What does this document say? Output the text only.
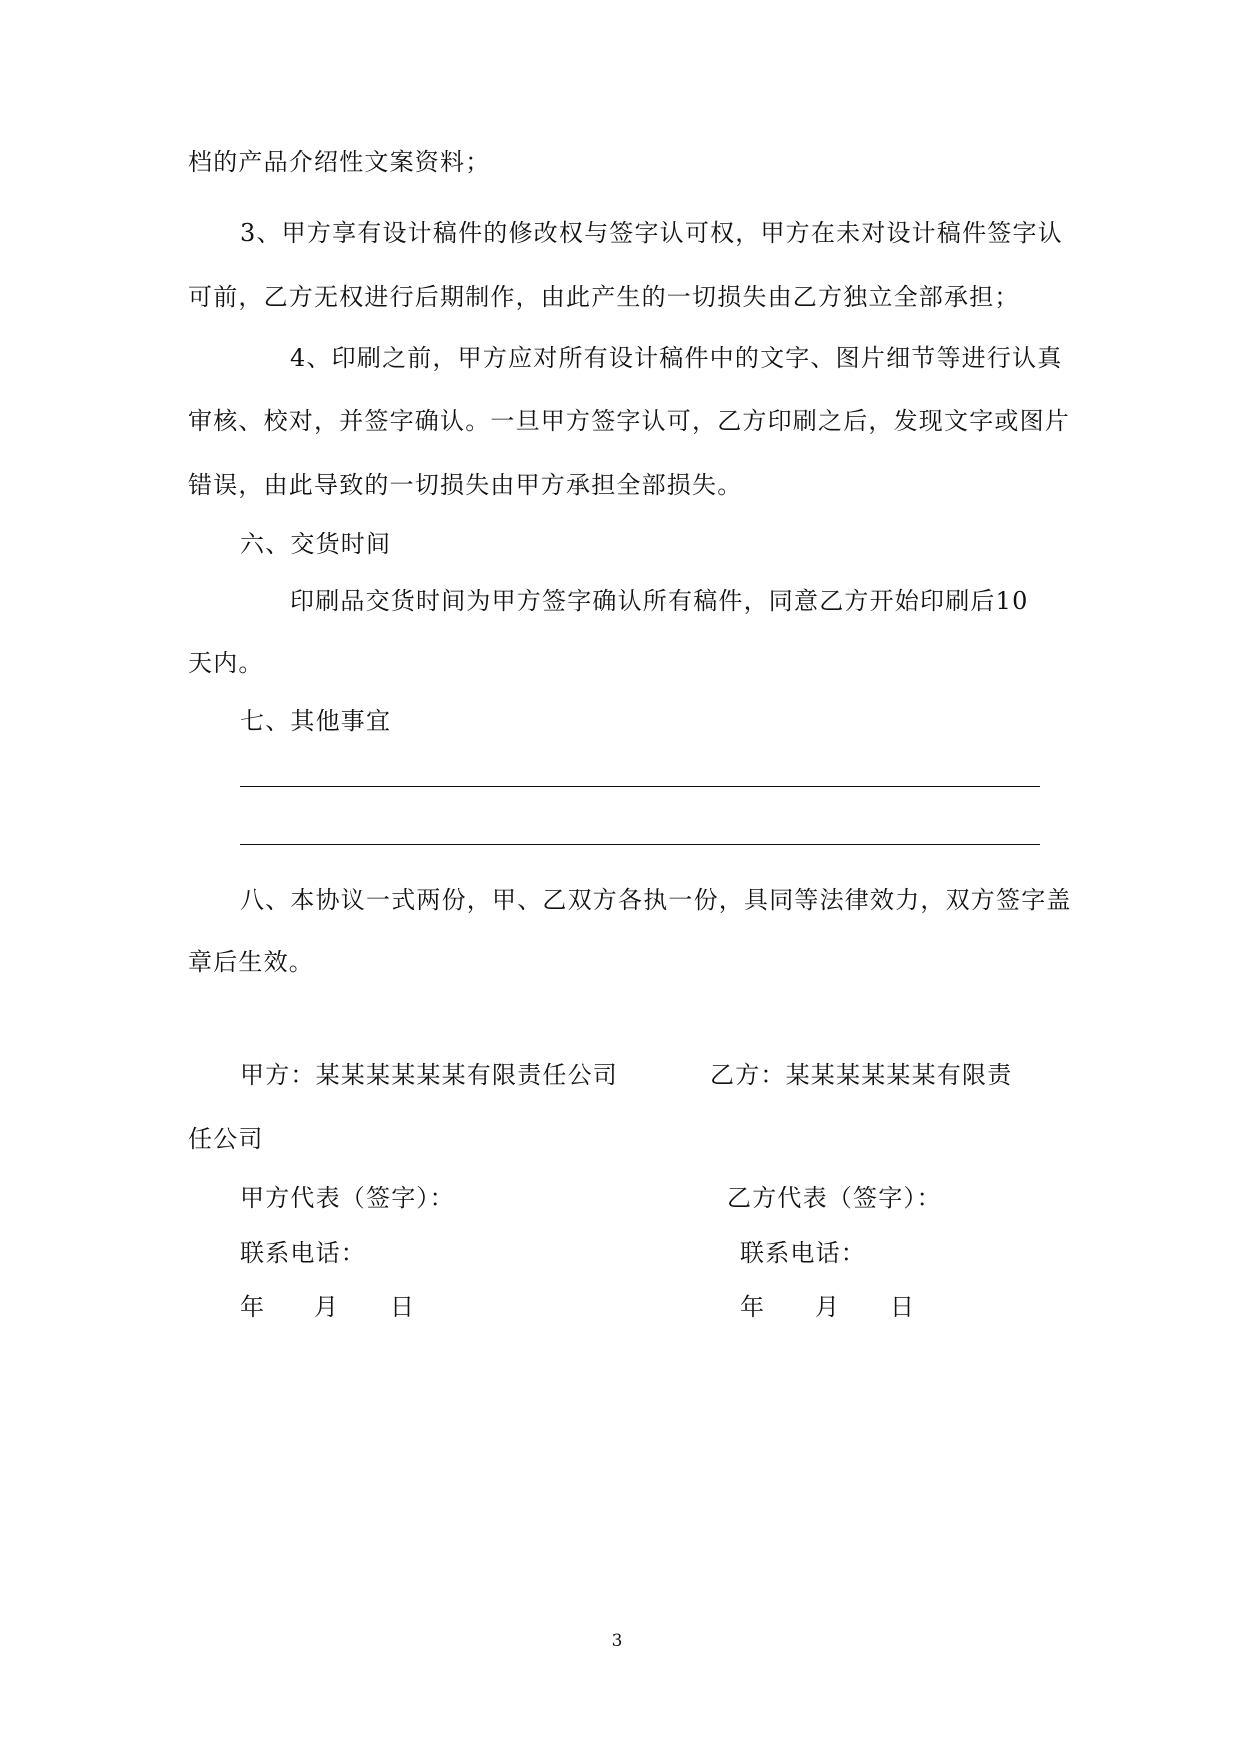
档的产品介绍性文案资料；
3、甲方享有设计稿件的修改权与签字认可权，甲方在未对设计稿件签字认
可前，乙方无权进行后期制作，由此产生的一切损失由乙方独立全部承担；
4、印刷之前，甲方应对所有设计稿件中的文字、图片细节等进行认真
审核、校对，并签字确认。一旦甲方签字认可，乙方印刷之后，发现文字或图片
错误，由此导致的一切损失由甲方承担全部损失。
六、交货时间
印刷品交货时间为甲方签字确认所有稿件，同意乙方开始印刷后10
天内。
七、其他事宜
八、本协议一式两份，甲、乙双方各执一份，具同等法律效力，双方签字盖
章后生效。
甲方：某某某某某某有限责任公司	乙方：某某某某某某有限责
任公司
甲方代表（签字）：	乙方代表（签字）：
联系电话：	联系电话：
年 月 日	年 月 日
3
